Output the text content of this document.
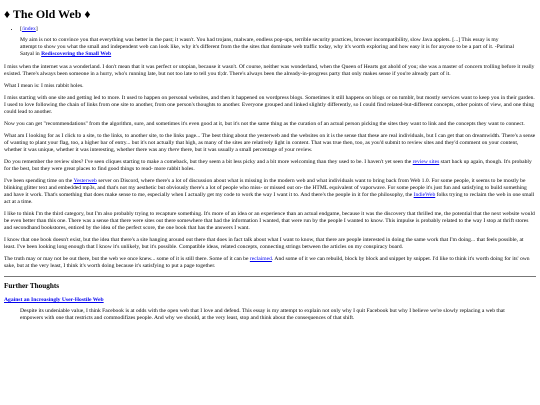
♦ The Old Web ♦
• [/index]
My aim is not to convince you that everything was better in the past; it wasn't. You had trojans, malware, endless pop-ups, terrible security practices, browser incompatibility, slow Java applets. [...] This essay is my attempt to show you what the small and independent web can look like, why it's different from the the sites that dominate web traffic today, why it's worth exploring and how easy it is for anyone to be a part of it. -Parimal Satyal in Rediscovering the Small Web

I miss when the internet was a wonderland. I don't mean that it was perfect or utopian, because it wasn't. Of course, neither was wonderland, when the Queen of Hearts got ahold of you; she was a master of concern trolling before it really existed. There's always been someone in a hurry, who's running late, but not too late to tell you tl;dr. There's always been the already-in-progress party that only makes sense if you're already part of it.

What I mean is: I miss rabbit holes.

I miss starting with one site and getting led to more. It used to happen on personal websites, and then it happened on wordpress blogs. Sometimes it still happens on blogs or on tumblr, but mostly services want to keep you in their garden. I used to love following the chain of links from one site to another, from one person's thoughts to another. Everyone grouped and linked slightly differently, so I could find related-but-different concepts, other points of view, and one thing could lead to another.

Now you can get "recommendations" from the algorithm, sure, and sometimes it's even good at it, but it's not the same thing as the curation of an actual person picking the sites they want to link and the concepts they want to connect.

What am I looking for as I click to a site, to the links, to another site, to the links page... The best thing about the yesterweb and the websites on it is the sense that these are real individuals, but I can get that on dreamwidth. There's a sense of wanting to plant your flag, too, a higher bar of entry... but it's not actually that high, as many of the sites are relatively light in content. That was true then, too, as you'd submit to review sites and they'd comment on your content, whether it was unique, whether it was interesting, whether there was any there there, but it was usually a small percentage of your review.

Do you remember the review sites? I've seen cliques starting to make a comeback, but they seem a bit less picky and a bit more welcoming than they used to be. I haven't yet seen the review sites start back up again, though. It's probably for the best, but they were great places to find good things to read- more rabbit holes.

I've been spending time on the Yesterweb server on Discord, where there's a lot of discussion about what is missing in the modern web and what individuals want to bring back from Web 1.0. For some people, it seems to be mostly be blinking glitter text and embedded mp3s, and that's not my aesthetic but obviously there's a lot of people who miss- or missed out on- the HTML equivalent of vaporwave. For some people it's just fun and satisfying to build something and have it work. That's something that does make sense to me, especially when I actually get my code to work the way I want it to. And there's the people in it for the philosophy, the IndieWeb folks trying to reclaim the web in one small act at a time.

I like to think I'm the third category, but I'm also probably trying to recapture something. It's more of an idea or an experience than an actual endgame, because it was the discovery that thrilled me, the potential that the next website would be even better than this one. There was a sense that there were sites out there somewhere that had the information I wanted, that were run by the people I wanted to know. This impulse is probably related to the way I stop at thrift stores and secondhand bookstores, enticed by the idea of the perfect score, the one book that has the answers I want.

I know that one book doesn't exist, but the idea that there's a site hanging around out there that does in fact talk about what I want to know, that there are people interested in doing the same work that I'm doing... that feels possible, at least. I've been looking long enough that I know it's unlikely, but it's possible. Compatible ideas, related concepts, connecting strings between the articles on my conspiracy board.

The truth may or may not be out there, but the web we once knew... some of it is still there. Some of it can be reclaimed. And some of it we can rebuild, block by block and snippet by snippet. I'd like to think it's worth doing for its' own sake, but at the very least, I think it's worth doing because it's satisfying to put a page together.

Further Thoughts
Against an Increasingly User-Hostile Web
Despite its undeniable value, I think Facebook is at odds with the open web that I love and defend. This essay is my attempt to explain not only why I quit Facebook but why I believe we're slowly replacing a web that empowers with one that restricts and commodifizes people. And why we should, at the very least, stop and think about the consequences of that shift.
